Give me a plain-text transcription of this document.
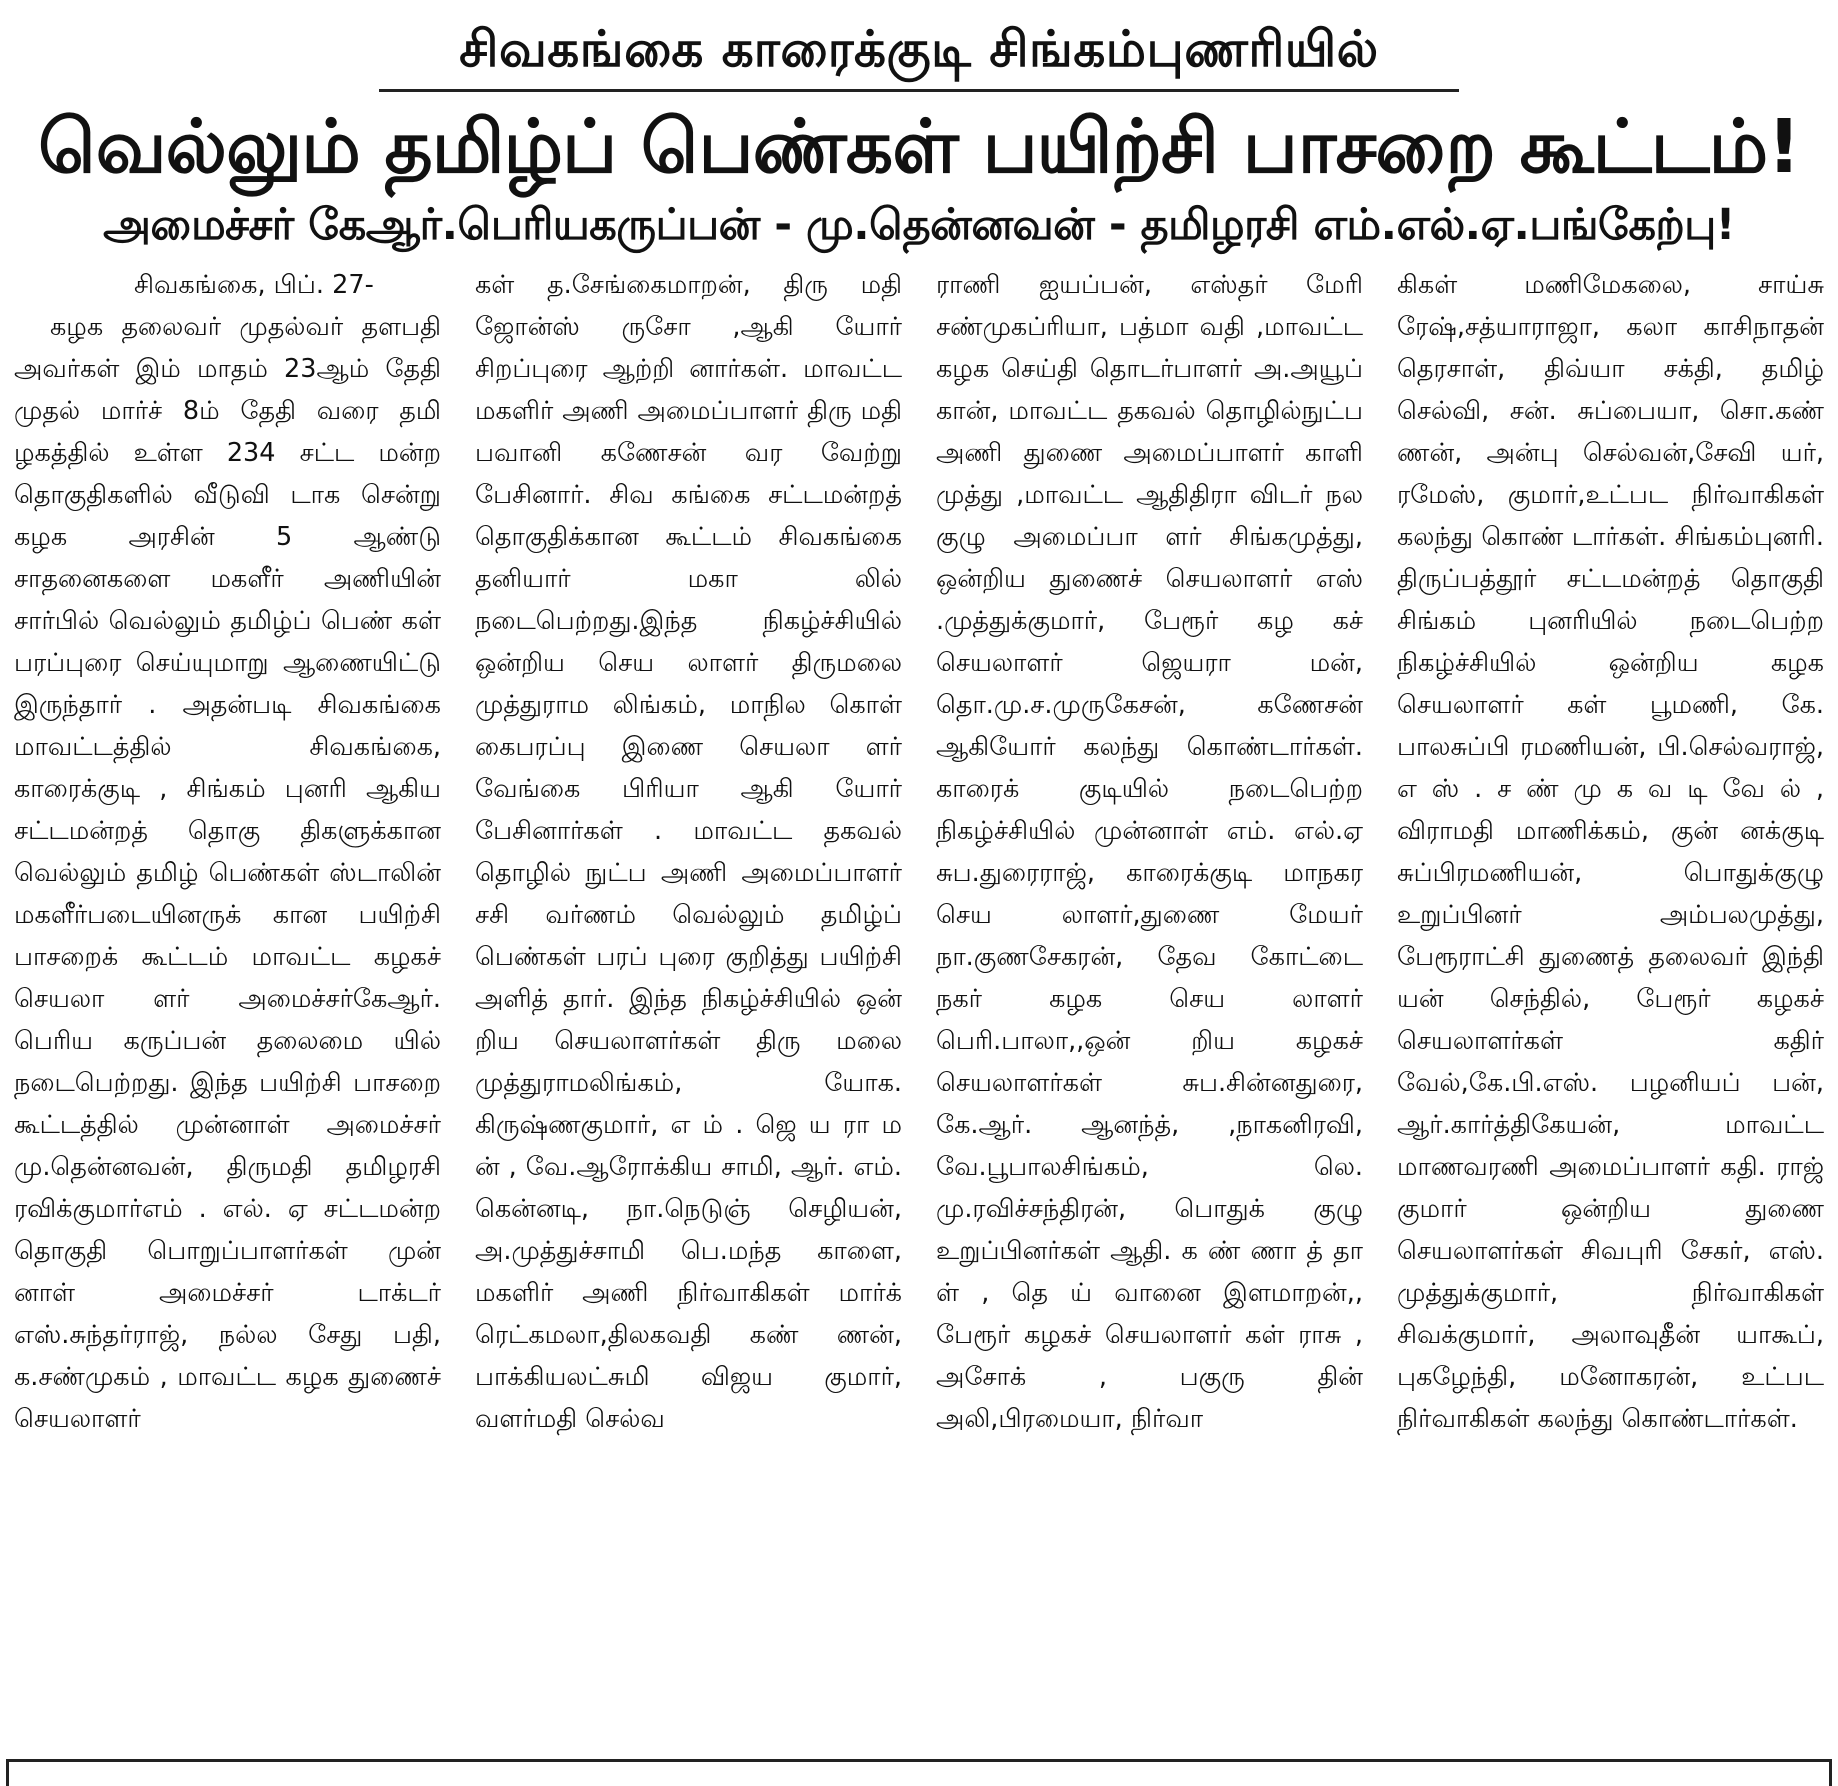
சிவகங்கை காரைக்குடி சிங்கம்புணரியில்
வெல்லும் தமிழ்ப் பெண்கள் பயிற்சி பாசறை கூட்டம்!
அமைச்சர் கேஆர்.பெரியகருப்பன் - மு.தென்னவன் - தமிழரசி எம்.எல்.ஏ.பங்கேற்பு!
சிவகங்கை, பிப். 27-

கழக தலைவர் முதல்வர் தளபதி அவர்கள் இம் மாதம் 23ஆம் தேதி முதல் மார்ச் 8ம் தேதி வரை தமி ழகத்தில் உள்ள 234 சட்ட மன்ற தொகுதிகளில் வீடுவி டாக சென்று கழக அரசின் 5 ஆண்டு சாதனைகளை மகளீர் அணியின் சார்பில் வெல்லும் தமிழ்ப் பெண் கள் பரப்புரை செய்யுமாறு ஆணையிட்டு இருந்தார் . அதன்படி சிவகங்கை மாவட்டத்தில் சிவகங்கை, காரைக்குடி , சிங்கம் புனரி ஆகிய சட்டமன்றத் தொகு திகளுக்கான வெல்லும் தமிழ் பெண்கள் ஸ்டாலின் மகளீர்படையினருக் கான பயிற்சி பாசறைக் கூட்டம் மாவட்ட கழகச் செயலா ளர் அமைச்சர்கேஆர். பெரிய கருப்பன் தலைமை யில் நடைபெற்றது. இந்த பயிற்சி பாசறை கூட்டத்தில் முன்னாள் அமைச்சர் மு.தென்னவன், திருமதி தமிழரசி ரவிக்குமார்எம் . எல். ஏ சட்டமன்ற தொகுதி பொறுப்பாளர்கள் முன் னாள் அமைச்சர் டாக்டர் எஸ்.சுந்தர்ராஜ், நல்ல சேது பதி, க.சண்முகம் , மாவட்ட கழக துணைச் செயலாளர்

கள் த.சேங்கைமாறன், திரு மதி ஜோன்ஸ் ருசோ ,ஆகி யோர் சிறப்புரை ஆற்றி னார்கள். மாவட்ட மகளிர் அணி அமைப்பாளர் திரு மதி பவானி கணேசன் வர வேற்று பேசினார். சிவ கங்கை சட்டமன்றத் தொகுதிக்கான கூட்டம் சிவகங்கை தனியார் மகா லில் நடைபெற்றது.இந்த நிகழ்ச்சியில் ஒன்றிய செய லாளர் திருமலை முத்துராம லிங்கம், மாநில கொள் கைபரப்பு இணை செயலா ளர் வேங்கை பிரியா ஆகி யோர் பேசினார்கள் . மாவட்ட தகவல் தொழில் நுட்ப அணி அமைப்பாளர் சசி வர்ணம் வெல்லும் தமிழ்ப் பெண்கள் பரப் புரை குறித்து பயிற்சி அளித் தார். இந்த நிகழ்ச்சியில் ஒன் றிய செயலாளர்கள் திரு மலை முத்துராமலிங்கம், யோக. கிருஷ்ணகுமார், எ ம் . ஜெ ய ரா ம ன் , வே.ஆரோக்கிய சாமி, ஆர். எம். கென்னடி, நா.நெடுஞ் செழியன், அ.முத்துச்சாமி பெ.மந்த காளை, மகளிர் அணி நிர்வாகிகள் மார்க் ரெட்கமலா,திலகவதி கண் ணன், பாக்கியலட்சுமி விஜய குமார், வளர்மதி செல்வ

ராணி ஐயப்பன், எஸ்தர் மேரி சண்முகப்ரியா, பத்மா வதி ,மாவட்ட கழக செய்தி தொடர்பாளர் அ.அயூப் கான், மாவட்ட தகவல் தொழில்நுட்ப அணி துணை அமைப்பாளர் காளி முத்து ,மாவட்ட ஆதிதிரா விடர் நல குழு அமைப்பா ளர் சிங்கமுத்து, ஒன்றிய துணைச் செயலாளர் எஸ் .முத்துக்குமார், பேரூர் கழ கச் செயலாளர் ஜெயரா மன், தொ.மு.ச.முருகேசன், கணேசன் ஆகியோர் கலந்து கொண்டார்கள். காரைக் குடியில் நடைபெற்ற நிகழ்ச்சியில் முன்னாள் எம். எல்.ஏ சுப.துரைராஜ், காரைக்குடி மாநகர செய லாளர்,துணை மேயர் நா.குணசேகரன், தேவ கோட்டை நகர் கழக செய லாளர் பெரி.பாலா,,ஒன் றிய கழகச் செயலாளர்கள் சுப.சின்னதுரை, கே.ஆர். ஆனந்த், ,நாகனிரவி, வே.பூபாலசிங்கம், லெ. மு.ரவிச்சந்திரன், பொதுக் குழு உறுப்பினர்கள் ஆதி. க ண் ணா த் தா ள் , தெ ய் வானை இளமாறன்,, பேரூர் கழகச் செயலாளர் கள் ராசு , அசோக் , பகுரு தின் அலி,பிரமையா, நிர்வா

கிகள் மணிமேகலை, சாய்சு ரேஷ்,சத்யாராஜா, கலா காசிநாதன் தெரசாள், திவ்யா சக்தி, தமிழ் செல்வி, சன். சுப்பையா, சொ.கண் ணன், அன்பு செல்வன்,சேவி யர், ரமேஸ், குமார்,உட்பட நிர்வாகிகள் கலந்து கொண் டார்கள். சிங்கம்புனரி. திருப்பத்தூர் சட்டமன்றத் தொகுதி சிங்கம் புனரியில் நடைபெற்ற நிகழ்ச்சியில் ஒன்றிய கழக செயலாளர் கள் பூமணி, கே. பாலசுப்பி ரமணியன், பி.செல்வராஜ், எ ஸ் . ச ண் மு க வ டி வே ல் , விராமதி மாணிக்கம், குன் னக்குடி சுப்பிரமணியன், பொதுக்குழு உறுப்பினர் அம்பலமுத்து, பேரூராட்சி துணைத் தலைவர் இந்தி யன் செந்தில், பேரூர் கழகச் செயலாளர்கள் கதிர் வேல்,கே.பி.எஸ். பழனியப் பன், ஆர்.கார்த்திகேயன், மாவட்ட மாணவரணி அமைப்பாளர் கதி. ராஜ் குமார் ஒன்றிய துணை செயலாளர்கள் சிவபுரி சேகர், எஸ். முத்துக்குமார், நிர்வாகிகள் சிவக்குமார், அலாவுதீன் யாகூப், புகழேந்தி, மனோகரன், உட்பட நிர்வாகிகள் கலந்து கொண்டார்கள்.
